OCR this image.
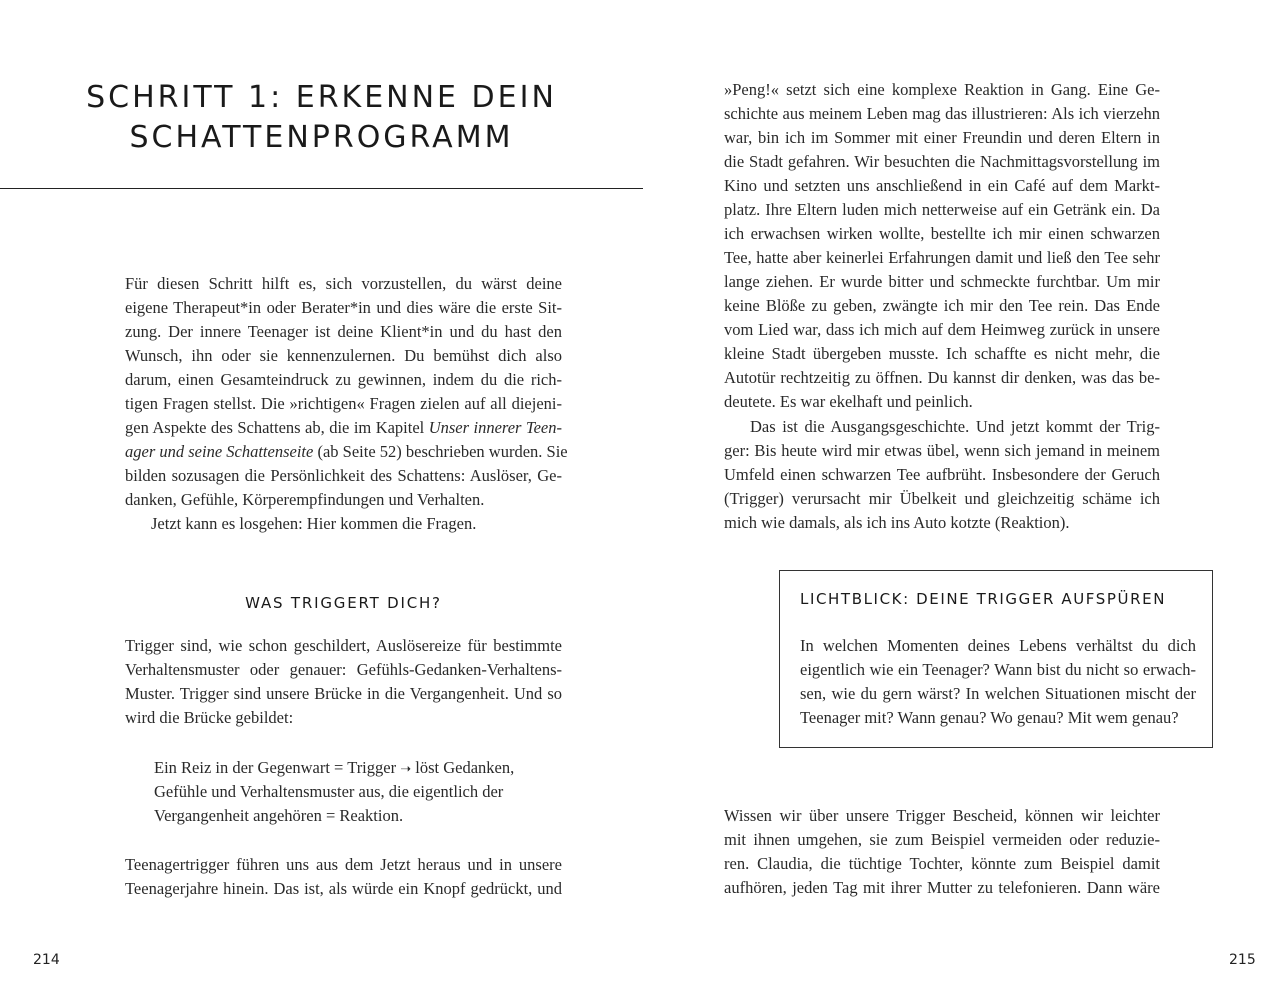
SCHRITT 1: ERKENNE DEIN
SCHATTENPROGRAMM
Für diesen Schritt hilft es, sich vorzustellen, du wärst deine
eigene Therapeut*in oder Berater*in und dies wäre die erste Sit-
zung. Der innere Teenager ist deine Klient*in und du hast den
Wunsch, ihn oder sie kennenzulernen. Du bemühst dich also
darum, einen Gesamteindruck zu gewinnen, indem du die rich-
tigen Fragen stellst. Die »richtigen« Fragen zielen auf all diejeni-
gen Aspekte des Schattens ab, die im Kapitel Unser innerer Teen-
ager und seine Schattenseite (ab Seite 52) beschrieben wurden. Sie
bilden sozusagen die Persönlichkeit des Schattens: Auslöser, Ge-
danken, Gefühle, Körperempfindungen und Verhalten.
Jetzt kann es losgehen: Hier kommen die Fragen.
WAS TRIGGERT DICH?
Trigger sind, wie schon geschildert, Auslösereize für bestimmte
Verhaltensmuster oder genauer: Gefühls-Gedanken-Verhaltens-
Muster. Trigger sind unsere Brücke in die Vergangenheit. Und so
wird die Brücke gebildet:
Ein Reiz in der Gegenwart = Trigger ➝ löst Gedanken,
Gefühle und Verhaltensmuster aus, die eigentlich der
Vergangenheit angehören = Reaktion.
Teenagertrigger führen uns aus dem Jetzt heraus und in unsere
Teenagerjahre hinein. Das ist, als würde ein Knopf gedrückt, und
214
»Peng!« setzt sich eine komplexe Reaktion in Gang. Eine Ge-
schichte aus meinem Leben mag das illustrieren: Als ich vierzehn
war, bin ich im Sommer mit einer Freundin und deren Eltern in
die Stadt gefahren. Wir besuchten die Nachmittagsvorstellung im
Kino und setzten uns anschließend in ein Café auf dem Markt-
platz. Ihre Eltern luden mich netterweise auf ein Getränk ein. Da
ich erwachsen wirken wollte, bestellte ich mir einen schwarzen
Tee, hatte aber keinerlei Erfahrungen damit und ließ den Tee sehr
lange ziehen. Er wurde bitter und schmeckte furchtbar. Um mir
keine Blöße zu geben, zwängte ich mir den Tee rein. Das Ende
vom Lied war, dass ich mich auf dem Heimweg zurück in unsere
kleine Stadt übergeben musste. Ich schaffte es nicht mehr, die
Autotür rechtzeitig zu öffnen. Du kannst dir denken, was das be-
deutete. Es war ekelhaft und peinlich.
Das ist die Ausgangsgeschichte. Und jetzt kommt der Trig-
ger: Bis heute wird mir etwas übel, wenn sich jemand in meinem
Umfeld einen schwarzen Tee aufbrüht. Insbesondere der Geruch
(Trigger) verursacht mir Übelkeit und gleichzeitig schäme ich
mich wie damals, als ich ins Auto kotzte (Reaktion).
LICHTBLICK: DEINE TRIGGER AUFSPÜREN
In welchen Momenten deines Lebens verhältst du dich
eigentlich wie ein Teenager? Wann bist du nicht so erwach-
sen, wie du gern wärst? In welchen Situationen mischt der
Teenager mit? Wann genau? Wo genau? Mit wem genau?
Wissen wir über unsere Trigger Bescheid, können wir leichter
mit ihnen umgehen, sie zum Beispiel vermeiden oder reduzie-
ren. Claudia, die tüchtige Tochter, könnte zum Beispiel damit
aufhören, jeden Tag mit ihrer Mutter zu telefonieren. Dann wäre
215
